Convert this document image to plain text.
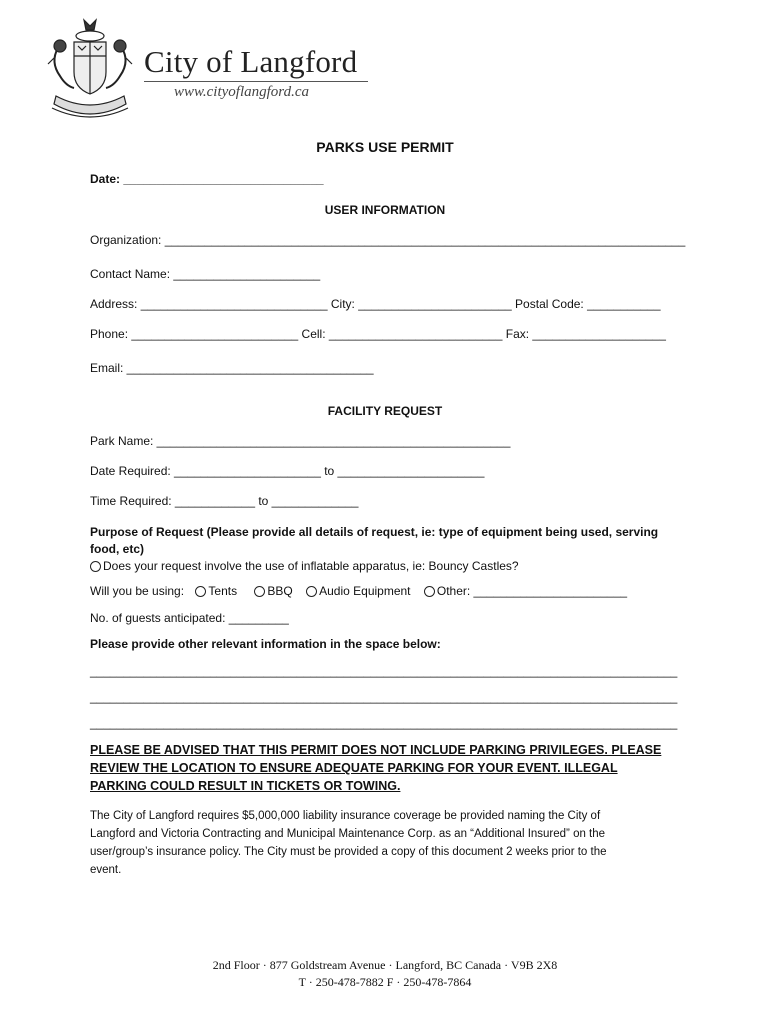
City of Langford
www.cityoflangford.ca
PARKS USE PERMIT
Date: ______________________________
USER INFORMATION
Organization: ______________________________________________________________________________
Contact Name: ______________________
Address: ____________________________ City: _______________________ Postal Code: ___________
Phone: _________________________ Cell: __________________________ Fax: ____________________
Email: _____________________________________
FACILITY REQUEST
Park Name: _____________________________________________________
Date Required: ______________________ to ______________________
Time Required: ____________ to _____________
Purpose of Request (Please provide all details of request, ie: type of equipment being used, serving
food, etc)
Does your request involve the use of inflatable apparatus, ie: Bouncy Castles?
Will you be using: Tents	BBQ Audio Equipment Other: _______________________
No. of guests anticipated: _________
Please provide other relevant information in the space below:
________________________________________________________________________________________
________________________________________________________________________________________
________________________________________________________________________________________
PLEASE BE ADVISED THAT THIS PERMIT DOES NOT INCLUDE PARKING PRIVILEGES. PLEASE
REVIEW THE LOCATION TO ENSURE ADEQUATE PARKING FOR YOUR EVENT. ILLEGAL
PARKING COULD RESULT IN TICKETS OR TOWING.
The City of Langford requires $5,000,000 liability insurance coverage be provided naming the City of
Langford and Victoria Contracting and Municipal Maintenance Corp. as an “Additional Insured” on the
user/group’s insurance policy. The City must be provided a copy of this document 2 weeks prior to the
event.
2nd Floor · 877 Goldstream Avenue · Langford, BC Canada · V9B 2X8
T · 250-478-7882 F · 250-478-7864
